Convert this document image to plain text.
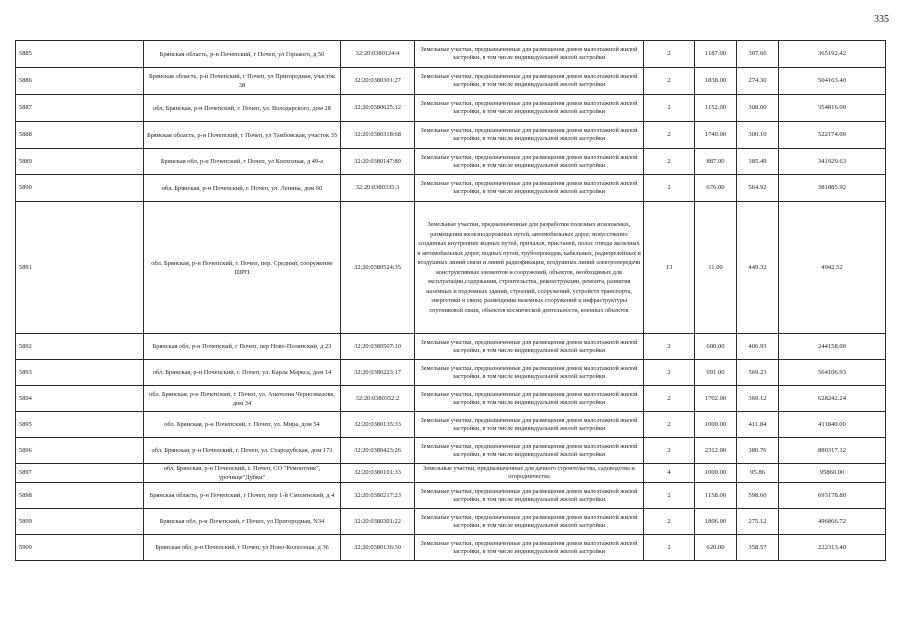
335
5885	Брянская область, р-н Почепский, г Почеп, ул Горького, д 50	32:20:0380124:4	Земельные участки, предназначенные для размещения домов малоэтажной жилой застройки, в том числе индивидуальной жилой застройки	2	1187.00	307.66	365192.42
5886	Брянская область, р-н Почепский, г Почеп, ул Пригородная, участок 38	32:20:0380301:27	Земельные участки, предназначенные для размещения домов малоэтажной жилой застройки, в том числе индивидуальной жилой застройки	2	1838.00	274.30	504163.40
5887	обл. Брянская, р-н Почепский, г. Почеп, ул. Володарского, дом 28	32:20:0380625:12	Земельные участки, предназначенные для размещения домов малоэтажной жилой застройки, в том числе индивидуальной жилой застройки	2	1152.00	308.00	354816.00
5888	Брянская область, р-н Почепский, г Почеп, ул Тамбовская, участок 35	32:20:0380318:68	Земельные участки, предназначенные для размещения домов малоэтажной жилой застройки, в том числе индивидуальной жилой застройки	2	1740.00	300.10	522174.00
5889	Брянская обл, р-н Почепский, г Почеп, ул Колхозная, д 49-а	32:20:0380147:89	Земельные участки, предназначенные для размещения домов малоэтажной жилой застройки, в том числе индивидуальной жилой застройки	2	887.00	385.49	341929.63
5890	обл. Брянская, р-н Почепский, г. Почеп, ул. Ленина, дом 60	32:20:0380335:3	Земельные участки, предназначенные для размещения домов малоэтажной жилой застройки, в том числе индивидуальной жилой застройки	2	676.00	564.92	381885.92
5891	обл. Брянская, р-н Почепский, г. Почеп, пер. Средний, сооружение ШРП	32:20:0380524:35	Земельные участки, предназначенные для разработки полезных ископаемых, размещения железнодорожных путей, автомобильных дорог, искусственно созданных внутренних водных путей, причалов, пристаней, полос отвода железных и автомобильных дорог, водных путей, трубопроводов, кабельных, радиорелейных и воздушных линий связи и линий радиофикации, воздушных линий электропередачи конструктивных элементов и сооружений, объектов, необходимых для эксплуатации,содержания, строительства, реконструкции, ремонта, развития наземных и подземных зданий, строений, сооружений, устройств транспорта, энергетики и связи; размещения наземных сооружений и инфраструктуры спутниковой связи, объектов космической деятельности, военных объектов	13	11.00	449.32	4942.52
5892	Брянская обл, р-н Почепский, г Почеп, пер Ново-Полянский, д 23	32:20:0380507:10	Земельные участки, предназначенные для размещения домов малоэтажной жилой застройки, в том числе индивидуальной жилой застройки	2	600.00	406.93	244158.00
5893	обл. Брянская, р-н Почепский, г. Почеп, ул. Карла Маркса, дом 14	32:20:0380223:17	Земельные участки, предназначенные для размещения домов малоэтажной жилой застройки, в том числе индивидуальной жилой застройки	2	991.00	569.23	564106.93
5894	обл. Брянская, р-н Почепский, г. Почеп, ул. Анатолия Чернозмазова, дом 34	32:20:0380352:2	Земельные участки, предназначенные для размещения домов малоэтажной жилой застройки, в том числе индивидуальной жилой застройки	2	1702.00	369.12	628242.24
5895	обл. Брянская, р-н Почепский, г. Почеп, ул. Мира, дом 54	32:20:0380135:33	Земельные участки, предназначенные для размещения домов малоэтажной жилой застройки, в том числе индивидуальной жилой застройки	2	1000.00	411.84	411840.00
5896	обл. Брянская, р-н Почепский, г. Почеп, ул. Стародубская, дом 173	32:20:0380423:26	Земельные участки, предназначенные для размещения домов малоэтажной жилой застройки, в том числе индивидуальной жилой застройки	2	2312.00	380.76	880317.12
5897	обл. Брянская, р-н Почепский, г. Почеп, СО "Ремонтник", урочище"Дубки"	32:20:0380101:33	Земельные участки, предназначенные для дачного строительства, садоводства и огородничества	4	1000.00	95.86	95860.00
5898	Брянская область, р-н Почепский, г Почеп, пер 1-й Смоленский, д 4	32:20:0380217:23	Земельные участки, предназначенные для размещения домов малоэтажной жилой застройки, в том числе индивидуальной жилой застройки	2	1158.00	598.60	693178.80
5899	Брянская обл, р-н Почепский, г Почеп, ул Пригородная, N34	32:20:0380301:22	Земельные участки, предназначенные для размещения домов малоэтажной жилой застройки, в том числе индивидуальной жилой застройки	2	1806.00	275.12	496866.72
5900	Брянская обл, р-н Почепский, г Почеп, ул Ново-Колхозная, д 36	32:20:0380136:30	Земельные участки, предназначенные для размещения домов малоэтажной жилой застройки, в том числе индивидуальной жилой застройки	2	620.00	358.57	222313.40
